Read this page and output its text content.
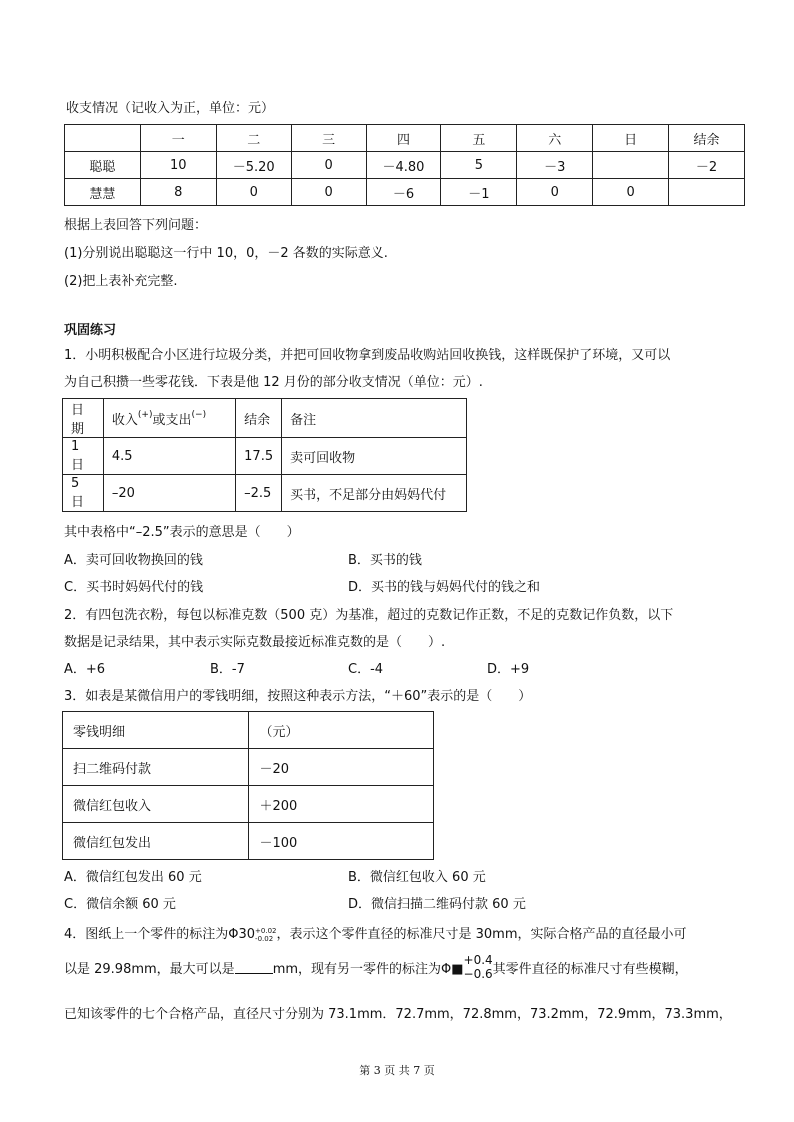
收支情况（记收入为正，单位：元）
	一	二	三	四	五	六	日	结余
聪聪	10	－5.20	0	－4.80	5	－3		－2
慧慧	8	0	0	－6	－1	0	0	
根据上表回答下列问题：
(1)分别说出聪聪这一行中 10，0，－2 各数的实际意义.
(2)把上表补充完整.
巩固练习
1．小明积极配合小区进行垃圾分类，并把可回收物拿到废品收购站回收换钱，这样既保护了环境，又可以
为自己积攒一些零花钱．下表是他 12 月份的部分收支情况（单位：元）.
日期	收入(+)或支出(−)	结余	备注
1 日	4.5	17.5	卖可回收物
5 日	–20	–2.5	买书，不足部分由妈妈代付
其中表格中“–2.5”表示的意思是（　　）
A．卖可回收物换回的钱	B．买书的钱
C．买书时妈妈代付的钱	D．买书的钱与妈妈代付的钱之和
2．有四包洗衣粉，每包以标准克数（500 克）为基准，超过的克数记作正数，不足的克数记作负数，以下
数据是记录结果，其中表示实际克数最接近标准克数的是（　　）.
A．+6	B．-7	C．-4	D．+9
3．如表是某微信用户的零钱明细，按照这种表示方法，“＋60”表示的是（　　）
零钱明细	（元）
扫二维码付款	－20
微信红包收入	＋200
微信红包发出	－100
A．微信红包发出 60 元	B．微信红包收入 60 元
C．微信余额 60 元	D．微信扫描二维码付款 60 元
4．图纸上一个零件的标注为Φ30 +0.02
-0.02 ，表示这个零件直径的标准尺寸是 30mm，实际合格产品的直径最小可
以是 29.98mm，最大可以是	mm，现有另一零件的标注为Φ■
+0.4
−0.6 其零件直径的标准尺寸有些模糊，
已知该零件的七个合格产品，直径尺寸分别为 73.1mm．72.7mm，72.8mm，73.2mm，72.9mm，73.3mm，
第 3 页 共 7 页
